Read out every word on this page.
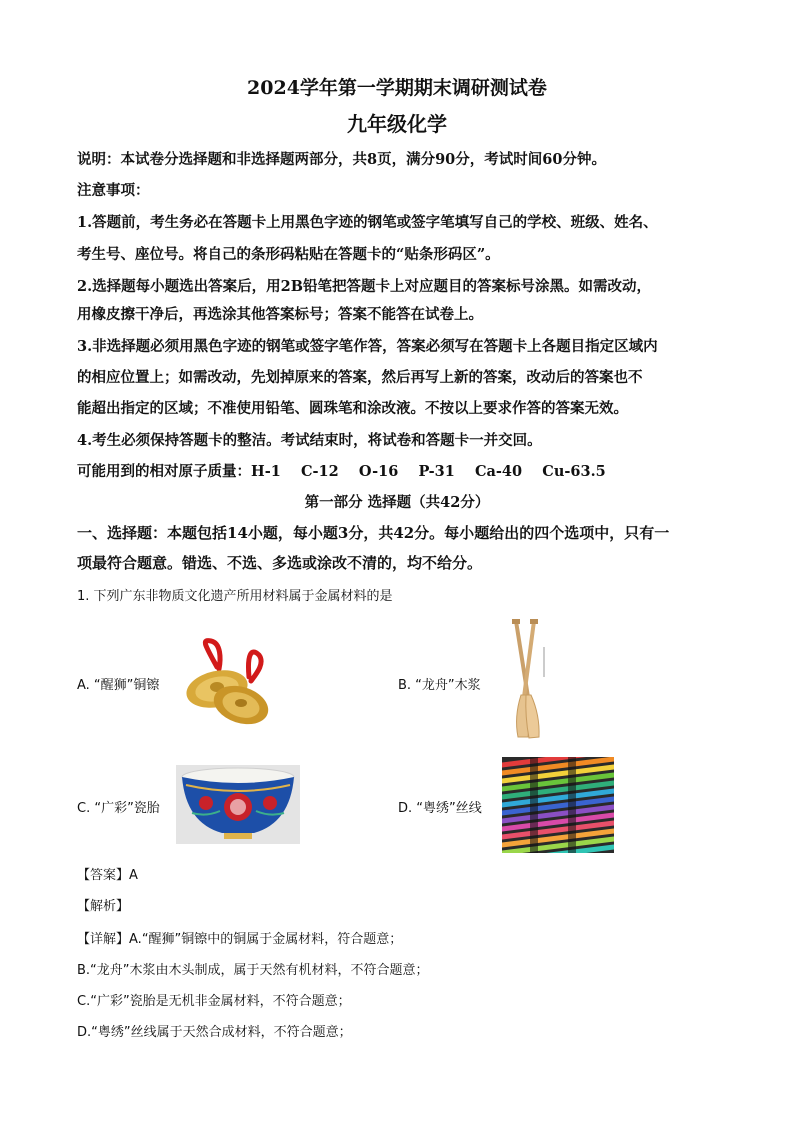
2024学年第一学期期末调研测试卷
九年级化学
说明：本试卷分选择题和非选择题两部分，共8页，满分90分，考试时间60分钟。
注意事项：
1.答题前，考生务必在答题卡上用黑色字迹的钢笔或签字笔填写自己的学校、班级、姓名、
考生号、座位号。将自己的条形码粘贴在答题卡的“贴条形码区”。
2.选择题每小题选出答案后，用2B铅笔把答题卡上对应题目的答案标号涂黑。如需改动，
用橡皮擦干净后，再选涂其他答案标号；答案不能答在试卷上。
3.非选择题必须用黑色字迹的钢笔或签字笔作答，答案必须写在答题卡上各题目指定区域内
的相应位置上；如需改动，先划掉原来的答案，然后再写上新的答案，改动后的答案也不
能超出指定的区域；不准使用铅笔、圆珠笔和涂改液。不按以上要求作答的答案无效。
4.考生必须保持答题卡的整洁。考试结束时，将试卷和答题卡一并交回。
可能用到的相对原子质量：H-1    C-12    O-16    P-31    Ca-40    Cu-63.5
第一部分 选择题（共42分）
一、选择题：本题包括14小题，每小题3分，共42分。每小题给出的四个选项中，只有一
项最符合题意。错选、不选、多选或涂改不清的，均不给分。
1. 下列广东非物质文化遗产所用材料属于金属材料的是
A. “醒狮”铜镲	B. “龙舟”木浆
C. “广彩”瓷胎	D. “粤绣”丝线
【答案】A
【解析】
【详解】A.“醒狮”铜镲中的铜属于金属材料，符合题意；
B.“龙舟”木浆由木头制成，属于天然有机材料，不符合题意；
C.“广彩”瓷胎是无机非金属材料，不符合题意；
D.“粤绣”丝线属于天然合成材料，不符合题意；
